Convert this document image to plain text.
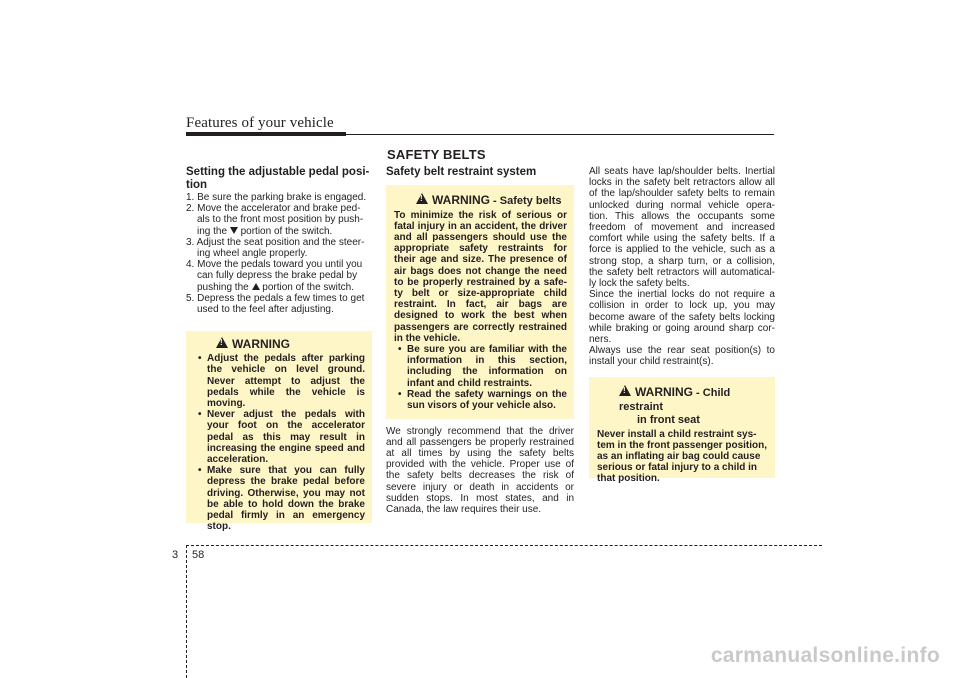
Features of your vehicle
SAFETY BELTS
Setting the adjustable pedal posi-tion
1. Be sure the parking brake is engaged.
2. Move the accelerator and brake ped-als to the front most position by push-ing the  portion of the switch.
3. Adjust the seat position and the steer-ing wheel angle properly.
4. Move the pedals toward you until you can fully depress the brake pedal by pushing the  portion of the switch.
5. Depress the pedals a few times to get used to the feel after adjusting.
!WARNING
• Adjust the pedals after parking the vehicle on level ground. Never attempt to adjust the pedals while the vehicle is moving.
• Never adjust the pedals with your foot on the accelerator pedal as this may result in increasing the engine speed and acceleration.
• Make sure that you can fully depress the brake pedal before driving. Otherwise, you may not be able to hold down the brake pedal firmly in an emergency stop.
Safety belt restraint system
!WARNING - Safety belts

To minimize the risk of serious or fatal injury in an accident, the driver and all passengers should use the appropriate safety restraints for their age and size. The presence of air bags does not change the need to be properly restrained by a safe-ty belt or size-appropriate child restraint. In fact, air bags are designed to work the best when passengers are correctly restrained in the vehicle.

• Be sure you are familiar with the information in this section, including the information on infant and child restraints.
• Read the safety warnings on the sun visors of your vehicle also.

We strongly recommend that the driver and all passengers be properly restrained at all times by using the safety belts provided with the vehicle. Proper use of the safety belts decreases the risk of severe injury or death in accidents or sudden stops. In most states, and in Canada, the law requires their use.

All seats have lap/shoulder belts. Inertial locks in the safety belt retractors allow all of the lap/shoulder safety belts to remain unlocked during normal vehicle opera-tion. This allows the occupants some freedom of movement and increased comfort while using the safety belts. If a force is applied to the vehicle, such as a strong stop, a sharp turn, or a collision, the safety belt retractors will automatical-ly lock the safety belts.

Since the inertial locks do not require a collision in order to lock up, you may become aware of the safety belts locking while braking or going around sharp cor-ners.

Always use the rear seat position(s) to install your child restraint(s).

!WARNING - Child restraint
in front seat

Never install a child restraint sys-tem in the front passenger position, as an inflating air bag could cause serious or fatal injury to a child in that position.

3 58
carmanualsonline.info
